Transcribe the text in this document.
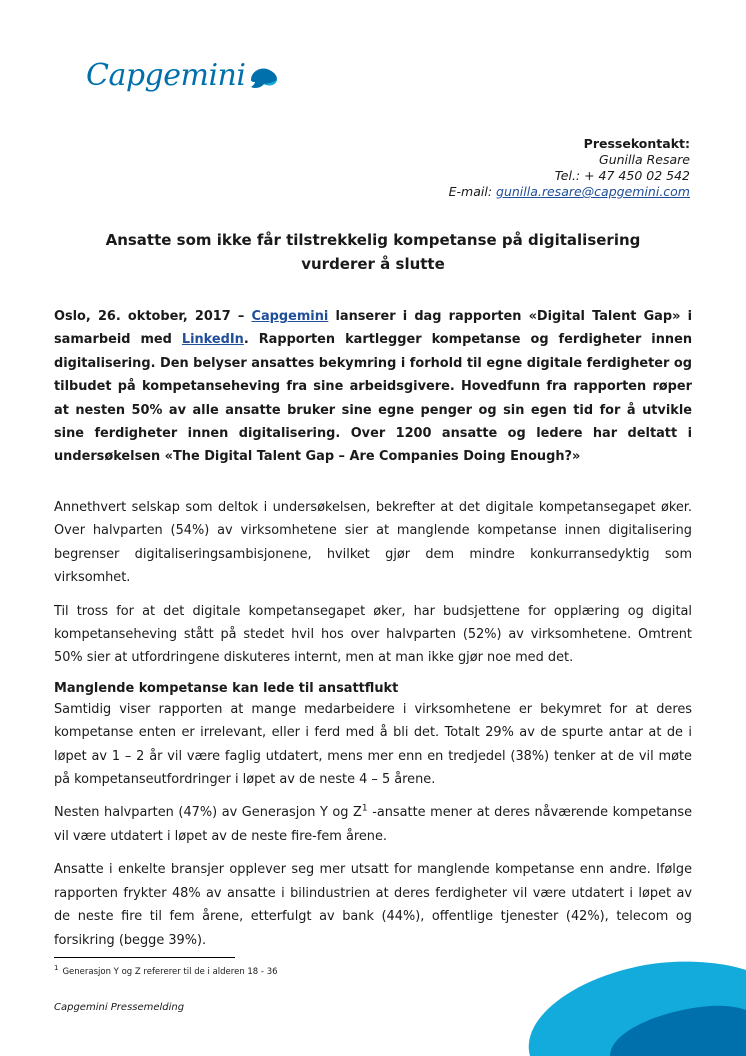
Capgemini
Pressekontakt:
Gunilla Resare
Tel.: + 47 450 02 542
E-mail: gunilla.resare@capgemini.com
Ansatte som ikke får tilstrekkelig kompetanse på digitalisering
vurderer å slutte
Oslo, 26. oktober, 2017 – Capgemini lanserer i dag rapporten «Digital Talent Gap» i samarbeid med LinkedIn. Rapporten kartlegger kompetanse og ferdigheter innen digitalisering. Den belyser ansattes bekymring i forhold til egne digitale ferdigheter og tilbudet på kompetanseheving fra sine arbeidsgivere. Hovedfunn fra rapporten røper at nesten 50% av alle ansatte bruker sine egne penger og sin egen tid for å utvikle sine ferdigheter innen digitalisering. Over 1200 ansatte og ledere har deltatt i undersøkelsen «The Digital Talent Gap – Are Companies Doing Enough?»

Annethvert selskap som deltok i undersøkelsen, bekrefter at det digitale kompetansegapet øker. Over halvparten (54%) av virksomhetene sier at manglende kompetanse innen digitalisering begrenser digitaliseringsambisjonene, hvilket gjør dem mindre konkurransedyktig som virksomhet.

Til tross for at det digitale kompetansegapet øker, har budsjettene for opplæring og digital kompetanseheving stått på stedet hvil hos over halvparten (52%) av virksomhetene. Omtrent 50% sier at utfordringene diskuteres internt, men at man ikke gjør noe med det.

Manglende kompetanse kan lede til ansattflukt

Samtidig viser rapporten at mange medarbeidere i virksomhetene er bekymret for at deres kompetanse enten er irrelevant, eller i ferd med å bli det. Totalt 29% av de spurte antar at de i løpet av 1 – 2 år vil være faglig utdatert, mens mer enn en tredjedel (38%) tenker at de vil møte på kompetanseutfordringer i løpet av de neste 4 – 5 årene.

Nesten halvparten (47%) av Generasjon Y og $Z^1$ -ansatte mener at deres nåværende kompetanse vil være utdatert i løpet av de neste fire-fem årene.

Ansatte i enkelte bransjer opplever seg mer utsatt for manglende kompetanse enn andre. Ifølge rapporten frykter 48% av ansatte i bilindustrien at deres ferdigheter vil være utdatert i løpet av de neste fire til fem årene, etterfulgt av bank (44%), offentlige tjenester (42%), telecom og forsikring (begge 39%).

$^1$ Generasjon Y og Z refererer til de i alderen 18 - 36
Capgemini Pressemelding
